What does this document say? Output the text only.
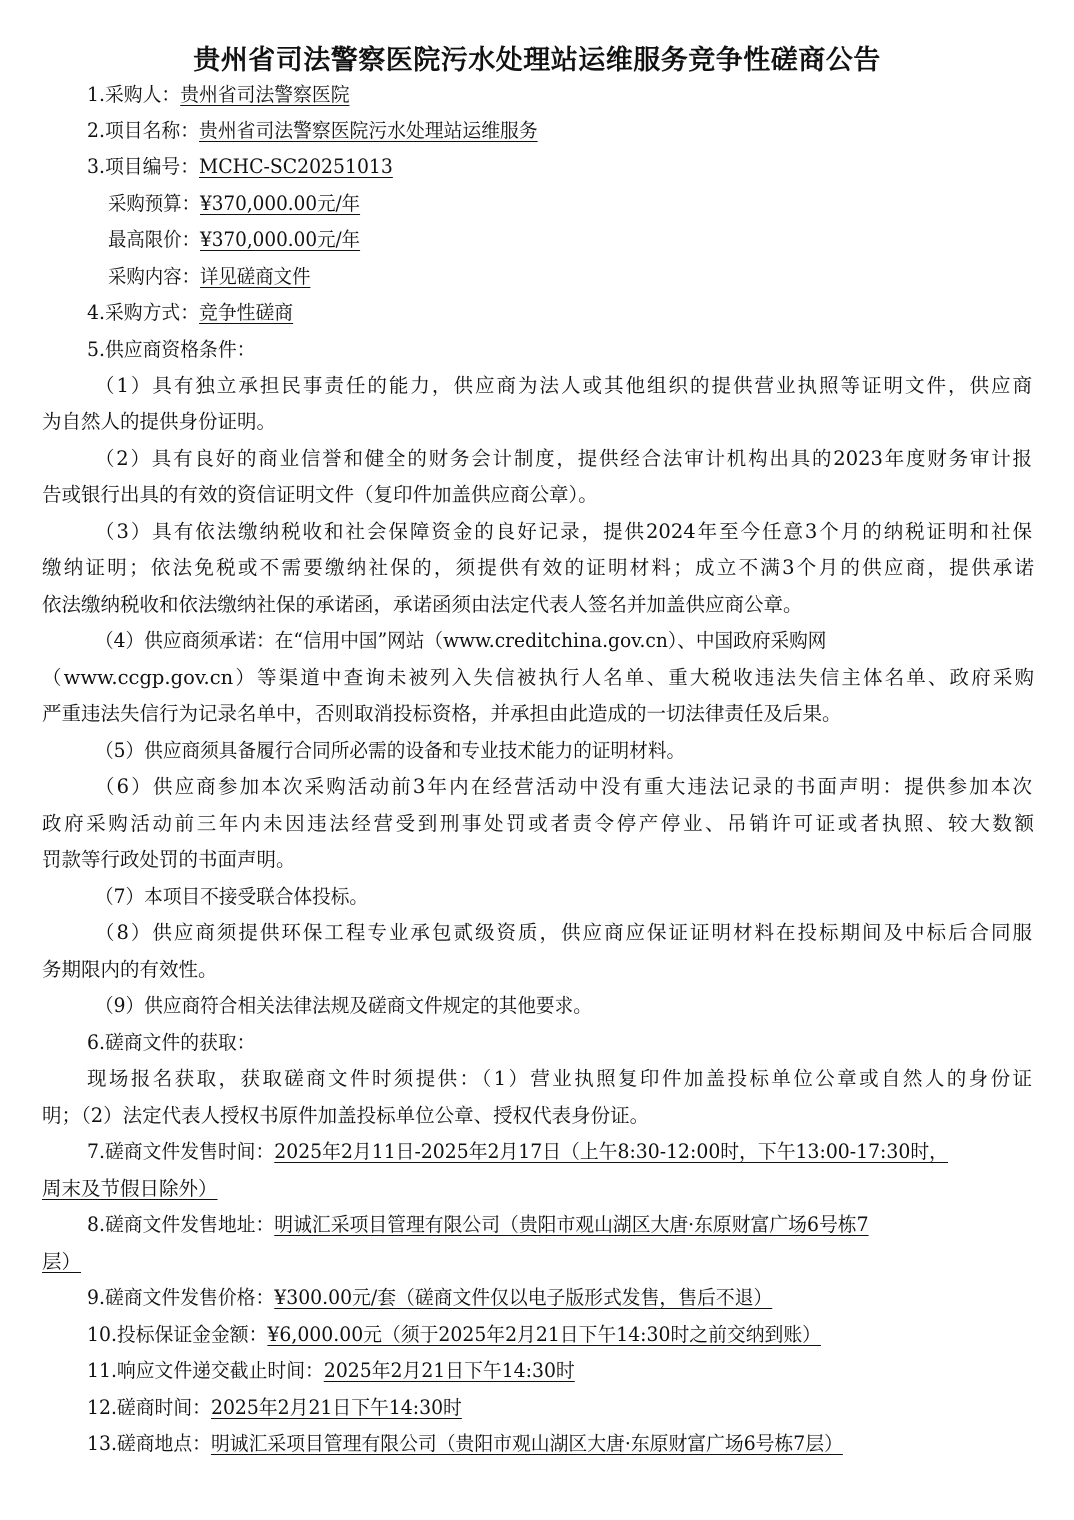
贵州省司法警察医院污水处理站运维服务竞争性磋商公告
1.采购人：贵州省司法警察医院
2.项目名称：贵州省司法警察医院污水处理站运维服务
3.项目编号：MCHC-SC20251013
采购预算：¥370,000.00元/年
最高限价：¥370,000.00元/年
采购内容：详见磋商文件
4.采购方式：竞争性磋商
5.供应商资格条件：
（1）具有独立承担民事责任的能力，供应商为法人或其他组织的提供营业执照等证明文件，供应商
为自然人的提供身份证明。
（2）具有良好的商业信誉和健全的财务会计制度，提供经合法审计机构出具的2023年度财务审计报
告或银行出具的有效的资信证明文件（复印件加盖供应商公章）。
（3）具有依法缴纳税收和社会保障资金的良好记录，提供2024年至今任意3个月的纳税证明和社保
缴纳证明；依法免税或不需要缴纳社保的，须提供有效的证明材料；成立不满3个月的供应商，提供承诺
依法缴纳税收和依法缴纳社保的承诺函，承诺函须由法定代表人签名并加盖供应商公章。
（4）供应商须承诺：在“信用中国”网站（www.creditchina.gov.cn）、中国政府采购网
（www.ccgp.gov.cn）等渠道中查询未被列入失信被执行人名单、重大税收违法失信主体名单、政府采购
严重违法失信行为记录名单中，否则取消投标资格，并承担由此造成的一切法律责任及后果。
（5）供应商须具备履行合同所必需的设备和专业技术能力的证明材料。
（6）供应商参加本次采购活动前3年内在经营活动中没有重大违法记录的书面声明：提供参加本次
政府采购活动前三年内未因违法经营受到刑事处罚或者责令停产停业、吊销许可证或者执照、较大数额
罚款等行政处罚的书面声明。
（7）本项目不接受联合体投标。
（8）供应商须提供环保工程专业承包贰级资质，供应商应保证证明材料在投标期间及中标后合同服
务期限内的有效性。
（9）供应商符合相关法律法规及磋商文件规定的其他要求。
6.磋商文件的获取：
现场报名获取，获取磋商文件时须提供：（1）营业执照复印件加盖投标单位公章或自然人的身份证
明；（2）法定代表人授权书原件加盖投标单位公章、授权代表身份证。
7.磋商文件发售时间：2025年2月11日-2025年2月17日（上午8:30-12:00时，下午13:00-17:30时，
周末及节假日除外）
8.磋商文件发售地址：明诚汇采项目管理有限公司（贵阳市观山湖区大唐·东原财富广场6号栋7
层）
9.磋商文件发售价格：¥300.00元/套（磋商文件仅以电子版形式发售，售后不退）
10.投标保证金金额：¥6,000.00元（须于2025年2月21日下午14:30时之前交纳到账）
11.响应文件递交截止时间：2025年2月21日下午14:30时
12.磋商时间：2025年2月21日下午14:30时
13.磋商地点：明诚汇采项目管理有限公司（贵阳市观山湖区大唐·东原财富广场6号栋7层）
